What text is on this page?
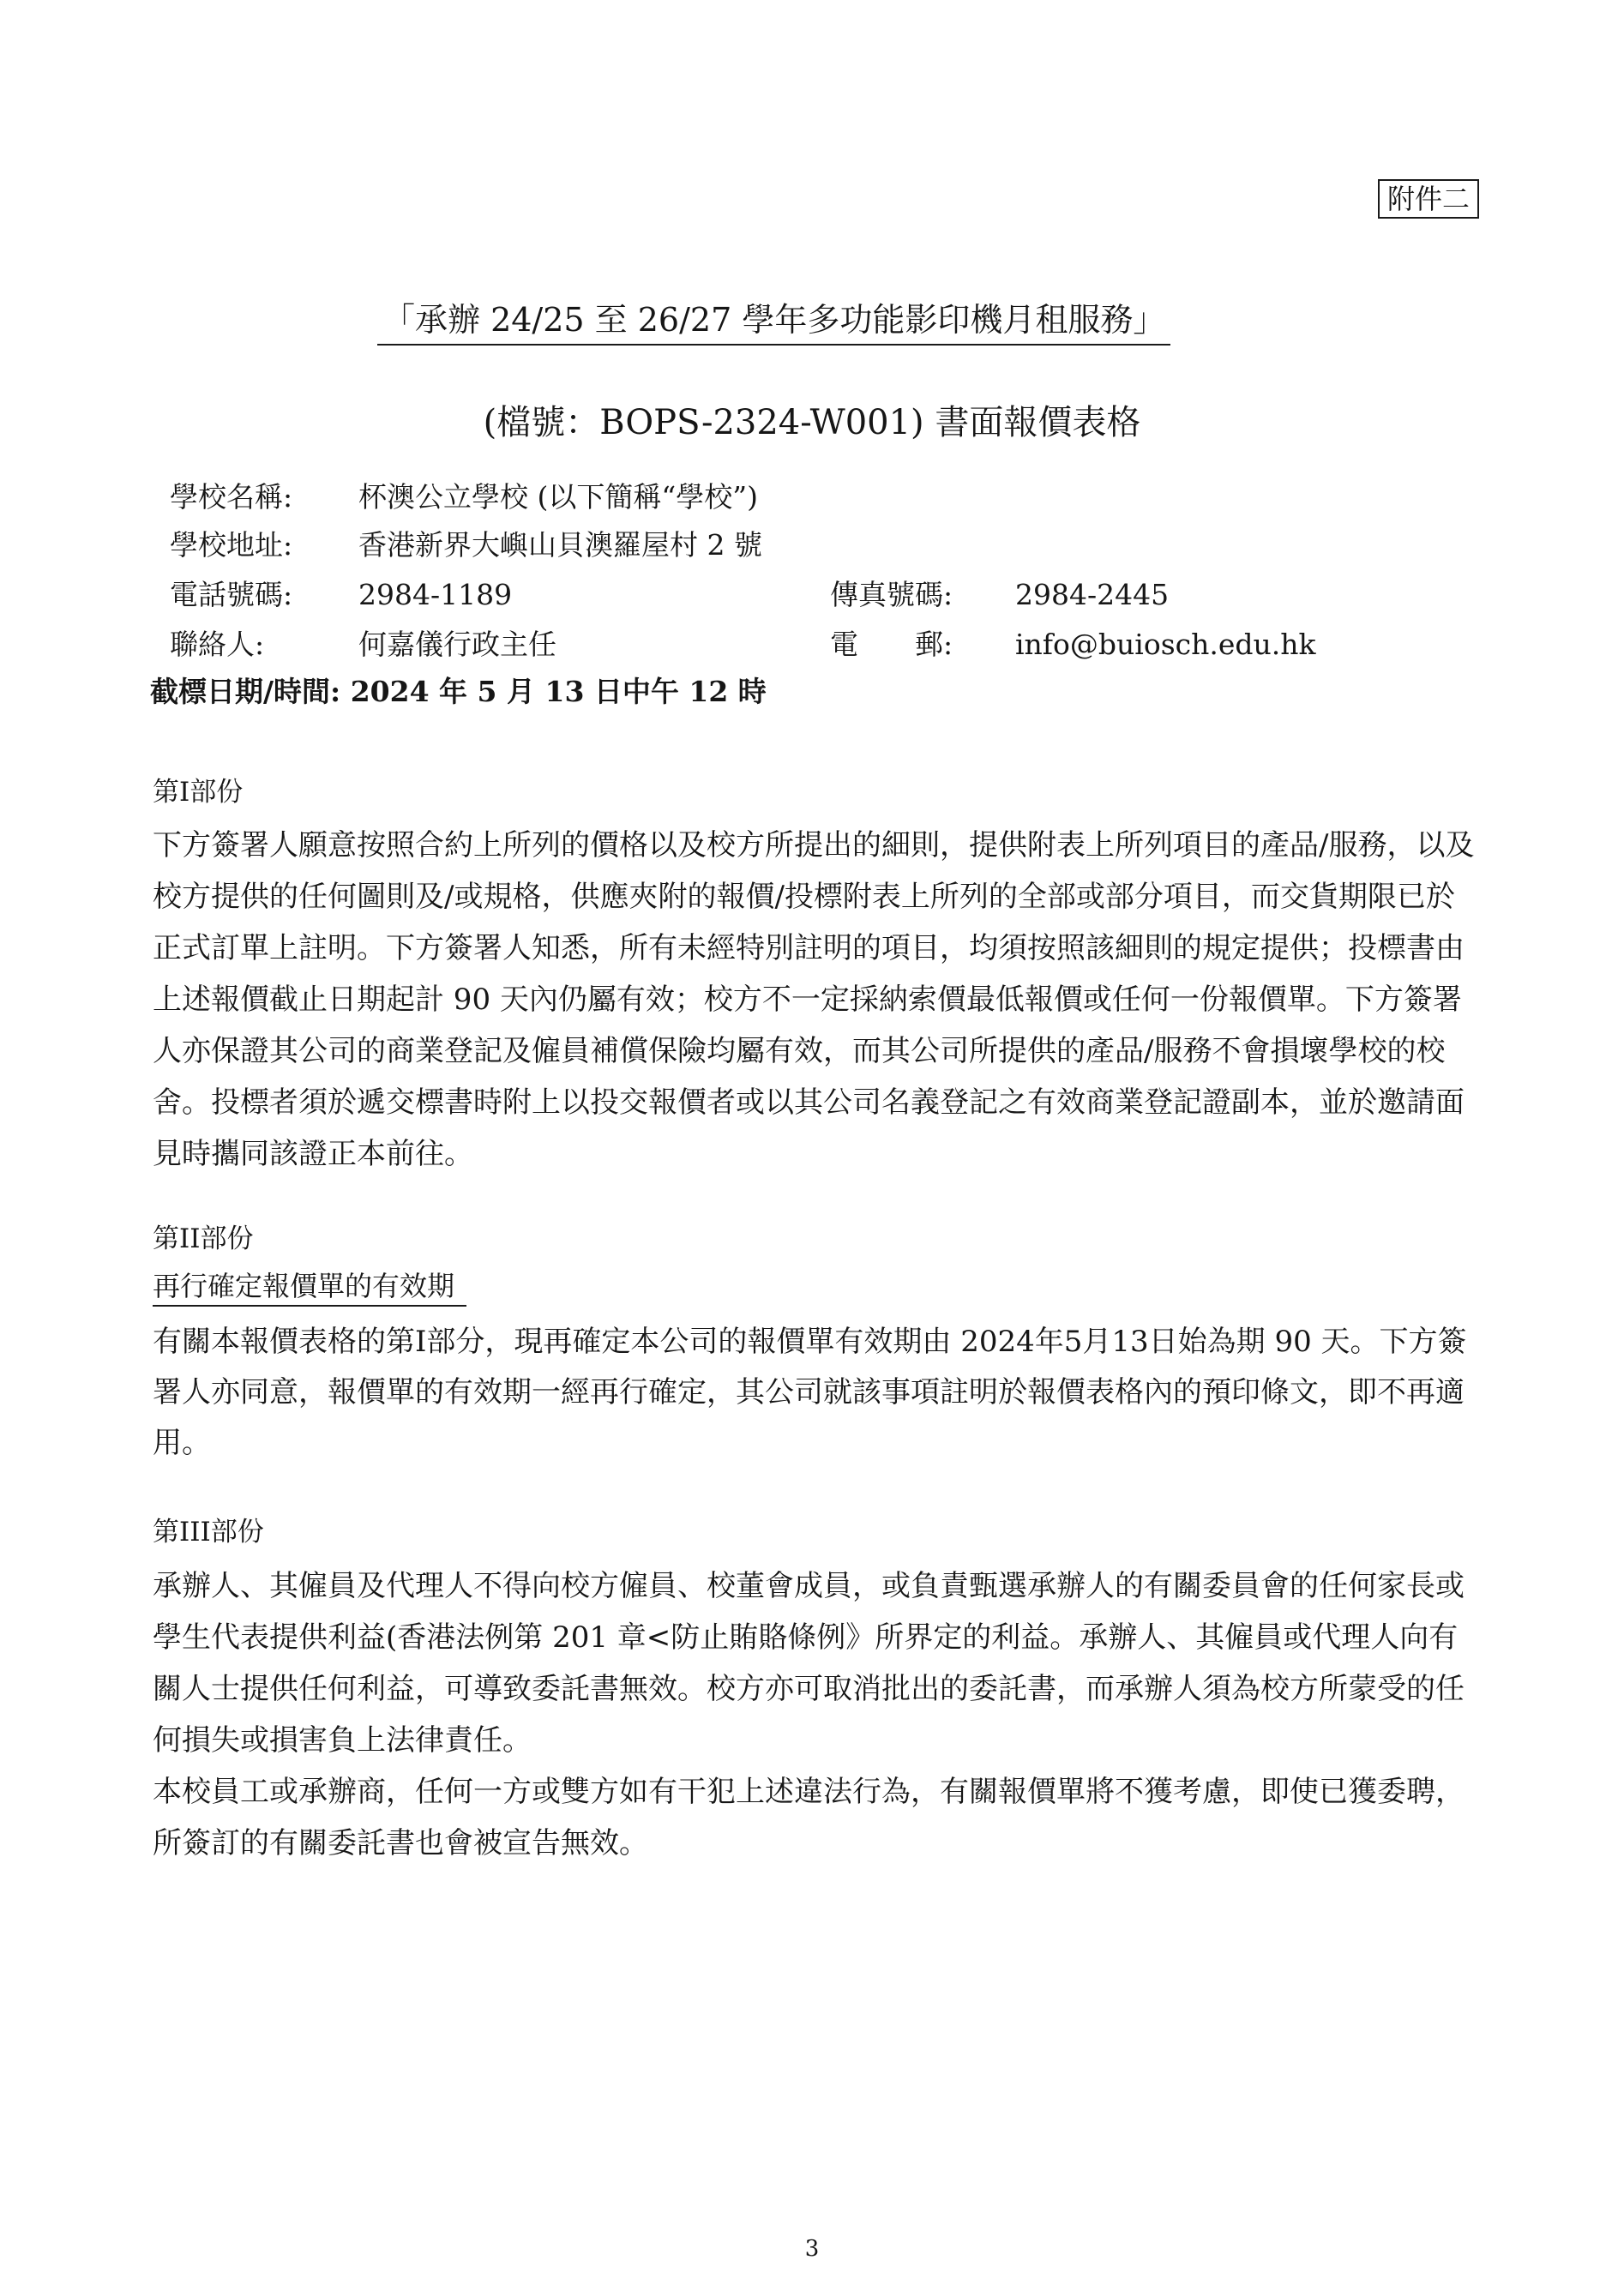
附件二
「承辦 24/25 至 26/27 學年多功能影印機月租服務」
(檔號：BOPS-2324-W001) 書面報價表格
學校名稱: 杯澳公立學校 (以下簡稱“學校”)
學校地址: 香港新界大嶼山貝澳羅屋村 2 號
電話號碼: 2984-1189	傳真號碼: 2984-2445
聯絡人:	何嘉儀行政主任	電　　郵: info@buiosch.edu.hk
截標日期/時間: 2024 年 5 月 13 日中午 12 時
第I部份
下方簽署人願意按照合約上所列的價格以及校方所提出的細則，提供附表上所列項目的產品/服務，以及校方提供的任何圖則及/或規格，供應夾附的報價/投標附表上所列的全部或部分項目，而交貨期限已於正式訂單上註明。下方簽署人知悉，所有未經特別註明的項目，均須按照該細則的規定提供；投標書由上述報價截止日期起計 90 天內仍屬有效；校方不一定採納索價最低報價或任何一份報價單。下方簽署人亦保證其公司的商業登記及僱員補償保險均屬有效，而其公司所提供的產品/服務不會損壞學校的校舍。投標者須於遞交標書時附上以投交報價者或以其公司名義登記之有效商業登記證副本，並於邀請面見時攜同該證正本前往。
第II部份
再行確定報價單的有效期
有關本報價表格的第I部分，現再確定本公司的報價單有效期由 2024年5月13日始為期 90 天。下方簽署人亦同意，報價單的有效期一經再行確定，其公司就該事項註明於報價表格內的預印條文，即不再適用。
第III部份
承辦人、其僱員及代理人不得向校方僱員、校董會成員，或負責甄選承辦人的有關委員會的任何家長或學生代表提供利益(香港法例第 201 章<防止賄賂條例》所界定的利益。承辦人、其僱員或代理人向有關人士提供任何利益，可導致委託書無效。校方亦可取消批出的委託書，而承辦人須為校方所蒙受的任何損失或損害負上法律責任。
本校員工或承辦商，任何一方或雙方如有干犯上述違法行為，有關報價單將不獲考慮，即使已獲委聘，所簽訂的有關委託書也會被宣告無效。
3
